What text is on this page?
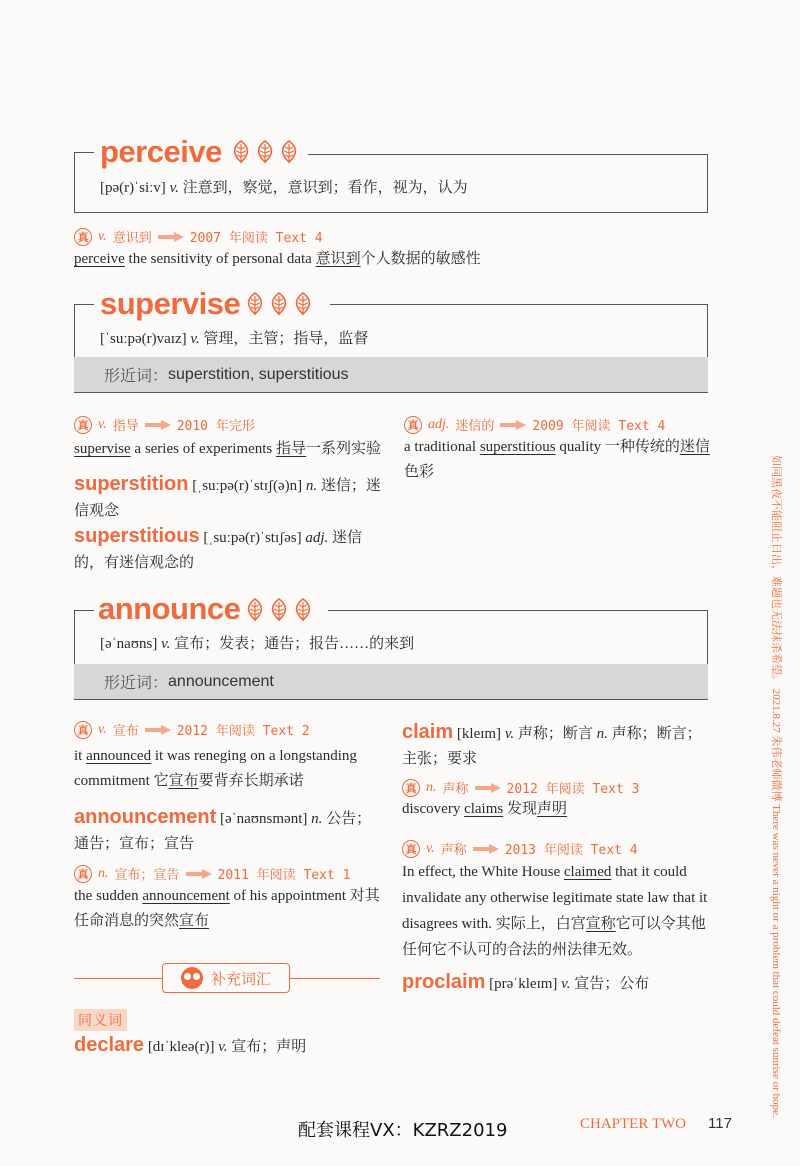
perceive
[pə(r)ˈsiːv] v. 注意到，察觉，意识到；看作，视为，认为
真 v. 意识到	2007 年阅读 Text 4
perceive the sensitivity of personal data 意识到个人数据的敏感性
supervise
[ˈsuːpə(r)vaɪz] v. 管理，主管；指导，监督
形近词： superstition, superstitious
真 v. 指导	2010 年完形
supervise a series of experiments 指导一系列实验
superstition [ˌsuːpə(r)ˈstɪʃ(ə)n] n. 迷信；迷信观念
superstitious [ˌsuːpə(r)ˈstɪʃəs] adj. 迷信的，有迷信观念的
真 adj. 迷信的	2009 年阅读 Text 4
a traditional superstitious quality 一种传统的迷信色彩
announce
[əˈnaʊns] v. 宣布；发表；通告；报告……的来到
形近词： announcement
真 v. 宣布	2012 年阅读 Text 2
it announced it was reneging on a longstanding commitment 它宣布要背弃长期承诺
announcement [əˈnaʊnsmənt] n. 公告；通告；宣布；宣告
真 n. 宣布；宣告	2011 年阅读 Text 1
the sudden announcement of his appointment 对其任命消息的突然宣布
claim [kleɪm] v. 声称；断言 n. 声称；断言；主张；要求
真 n. 声称	2012 年阅读 Text 3
discovery claims 发现声明
真 v. 声称	2013 年阅读 Text 4
In effect, the White House claimed that it could invalidate any otherwise legitimate state law that it disagrees with. 实际上，白宫宣称它可以令其他任何它不认可的合法的州法律无效。
proclaim [prəˈkleɪm] v. 宣告；公布
补充词汇
同义词
declare [dɪˈkleə(r)] v. 宣布；声明	如同黑夜不能阻止日出，难题也无法抹杀希望。 2021.8.27 朱伟老师微博 There was never a night or a problem that could defeat sunrise or hope.
配套课程VX：KZRZ2019	CHAPTER TWO 117
